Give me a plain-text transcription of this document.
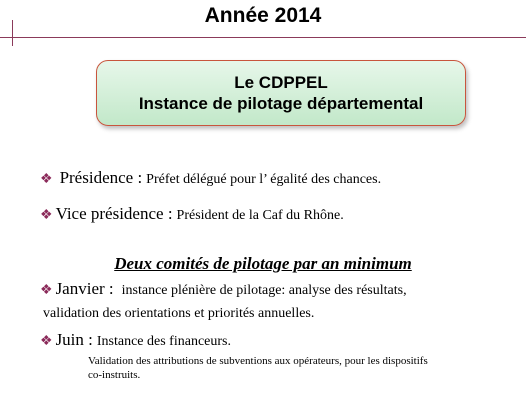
Année 2014
Le CDPPEL
Instance de pilotage départemental
❖ Présidence : Préfet délégué pour l’ égalité des chances.
❖ Vice présidence : Président de la Caf du Rhône.
Deux comités de pilotage par an minimum
❖ Janvier : instance plénière de pilotage: analyse des résultats,
validation des orientations et priorités annuelles.
❖ Juin : Instance des financeurs.
Validation des attributions de subventions aux opérateurs, pour les dispositifs
co-instruits.
